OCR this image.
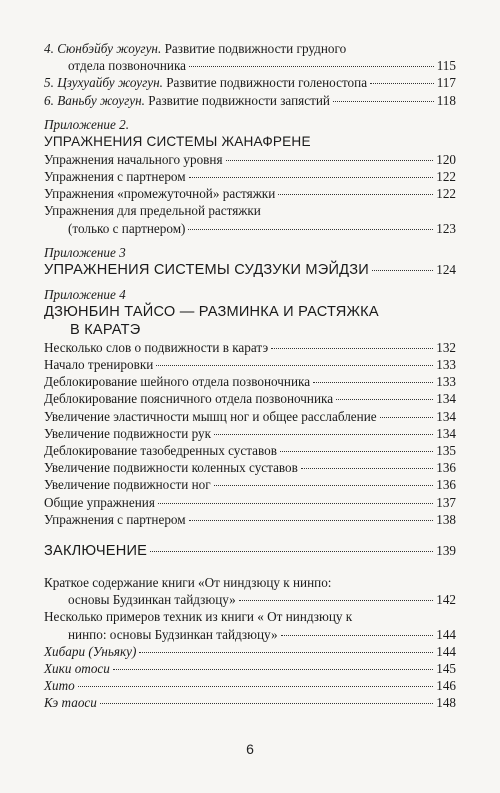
4. Сюнбэйбу жоугун. Развитие подвижности грудного
отдела позвоночника	115
5. Цзухуайбу жоугун. Развитие подвижности голеностопа	117
6. Ваньбу жоугун. Развитие подвижности запястий	118
Приложение 2.
УПРАЖНЕНИЯ СИСТЕМЫ ЖАНАФРЕНЕ
Упражнения начального уровня	120
Упражнения с партнером	122
Упражнения «промежуточной» растяжки	122
Упражнения для предельной растяжки
(только с партнером)	123
Приложение 3
УПРАЖНЕНИЯ СИСТЕМЫ СУДЗУКИ МЭЙДЗИ	124
Приложение 4
ДЗЮНБИН ТАЙСО — РАЗМИНКА И РАСТЯЖКА
В КАРАТЭ
Несколько слов о подвижности в каратэ	132
Начало тренировки	133
Деблокирование шейного отдела позвоночника	133
Деблокирование поясничного отдела позвоночника	134
Увеличение эластичности мышц ног и общее расслабление	134
Увеличение подвижности рук	134
Деблокирование тазобедренных суставов	135
Увеличение подвижности коленных суставов	136
Увеличение подвижности ног	136
Общие упражнения	137
Упражнения с партнером	138
ЗАКЛЮЧЕНИЕ	139
Краткое содержание книги «От ниндзюцу к нинпо:
основы Будзинкан тайдзюцу»	142
Несколько примеров техник из книги « От ниндзюцу к
нинпо: основы Будзинкан тайдзюцу»	144
Хибари (Уньяку)	144
Хики отоси	145
Хито	146
Кэ таоси	148
6
